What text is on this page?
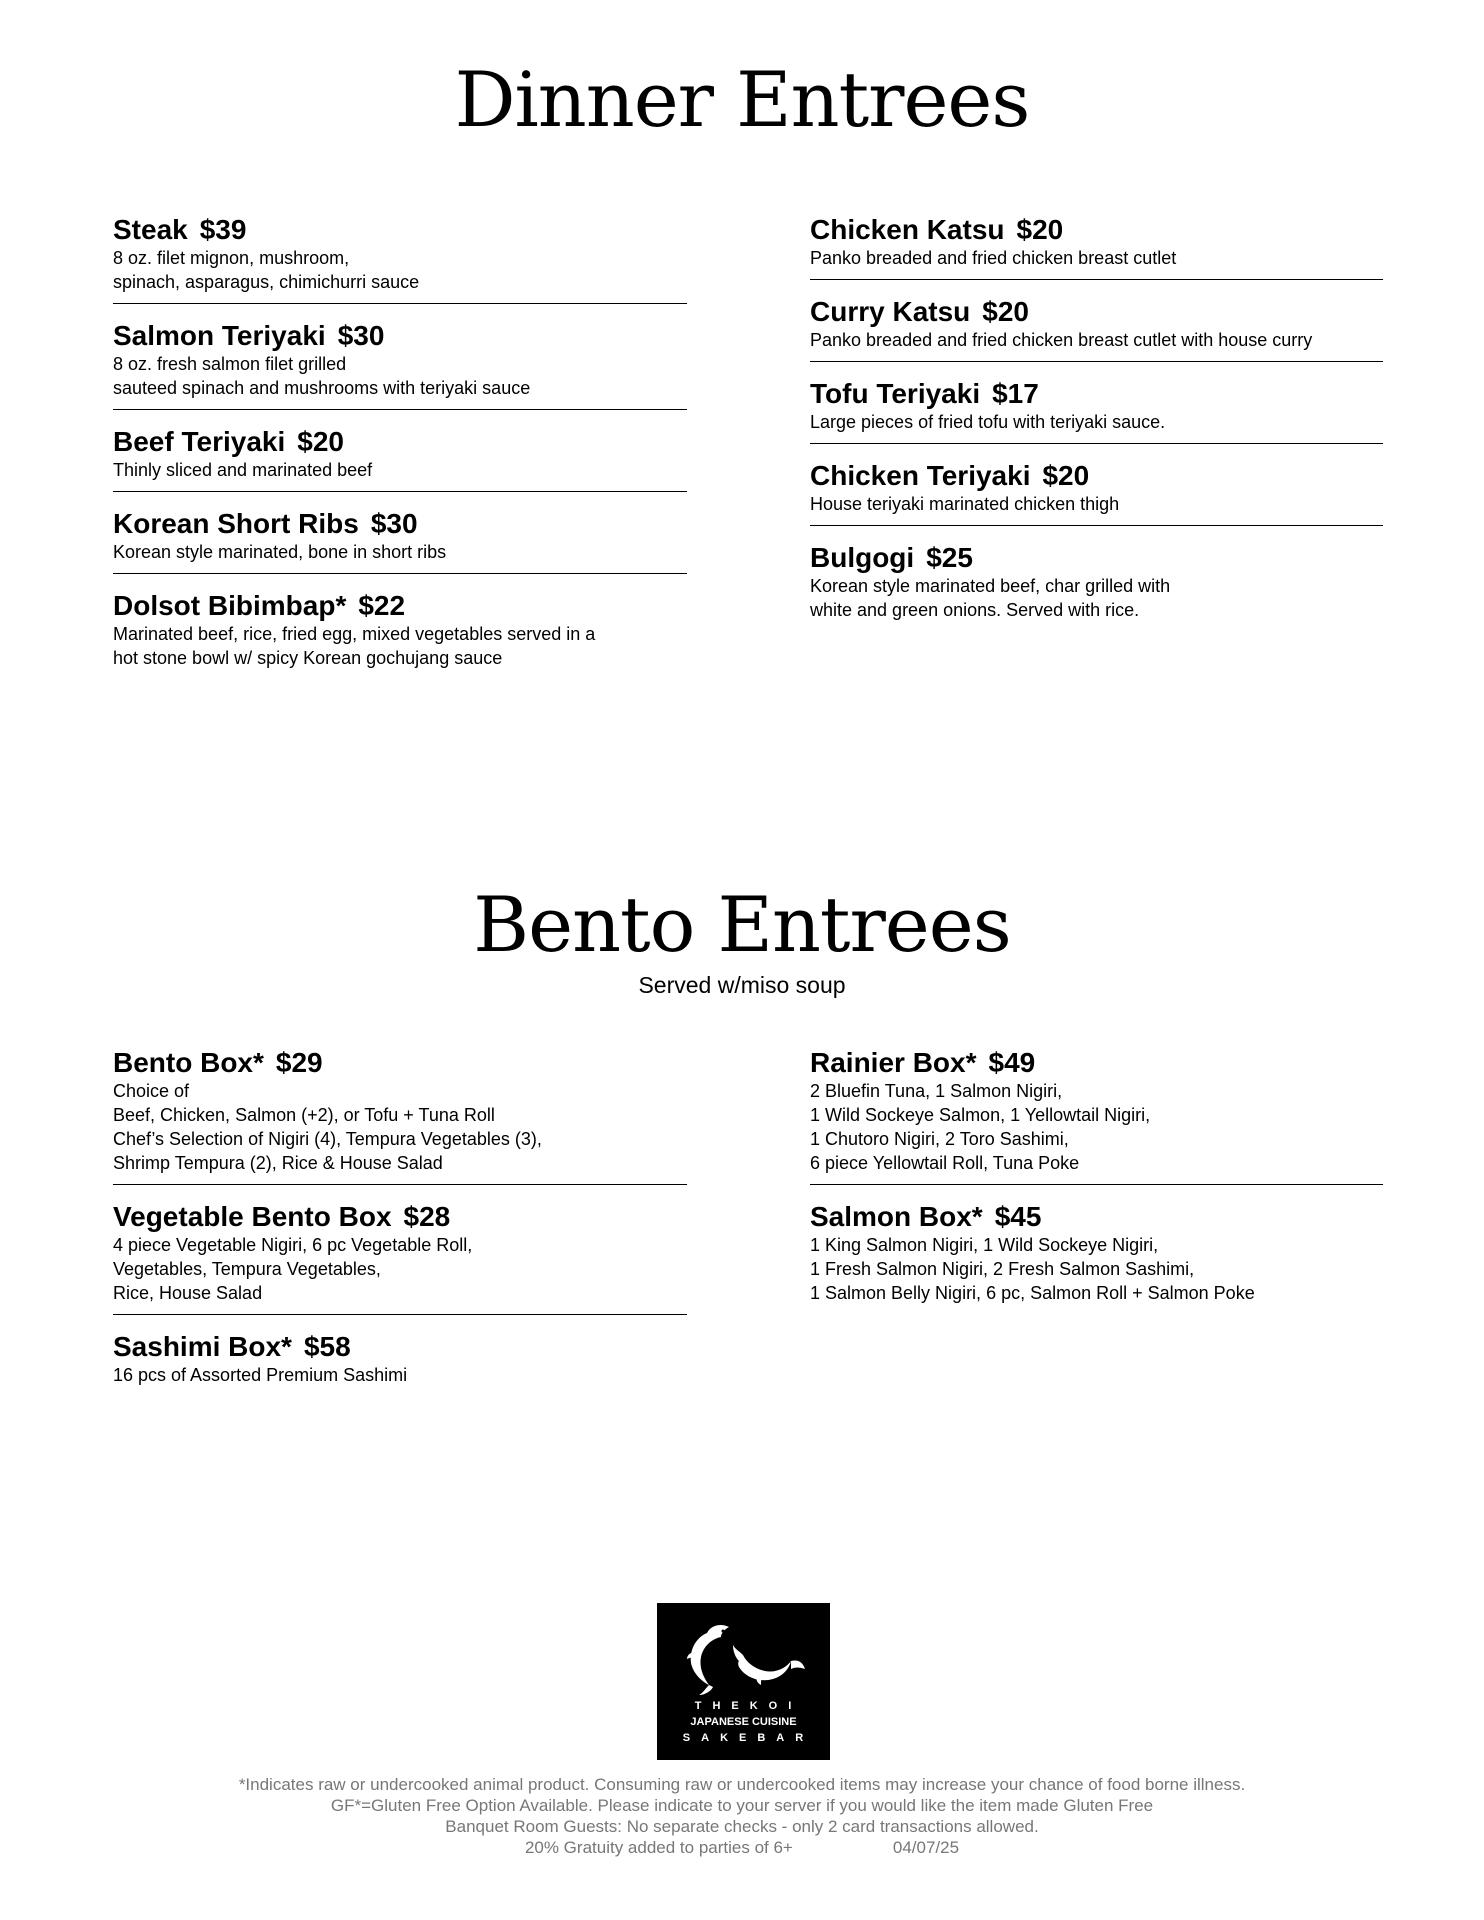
Dinner Entrees
Steak $39
8 oz. filet mignon, mushroom,
spinach, asparagus, chimichurri sauce
Salmon Teriyaki $30
8 oz. fresh salmon filet grilled
sauteed spinach and mushrooms with teriyaki sauce
Beef Teriyaki $20
Thinly sliced and marinated beef
Korean Short Ribs $30
Korean style marinated, bone in short ribs
Dolsot Bibimbap* $22
Marinated beef, rice, fried egg, mixed vegetables served in a
hot stone bowl w/ spicy Korean gochujang sauce
Chicken Katsu $20
Panko breaded and fried chicken breast cutlet
Curry Katsu $20
Panko breaded and fried chicken breast cutlet with house curry
Tofu Teriyaki $17
Large pieces of fried tofu with teriyaki sauce.
Chicken Teriyaki $20
House teriyaki marinated chicken thigh
Bulgogi $25
Korean style marinated beef, char grilled with
white and green onions. Served with rice.
Bento Entrees
Served w/miso soup
Bento Box* $29
Choice of
Beef, Chicken, Salmon (+2), or Tofu + Tuna Roll
Chef’s Selection of Nigiri (4), Tempura Vegetables (3),
Shrimp Tempura (2), Rice & House Salad
Vegetable Bento Box $28
4 piece Vegetable Nigiri, 6 pc Vegetable Roll,
Vegetables, Tempura Vegetables,
Rice, House Salad
Sashimi Box* $58
16 pcs of Assorted Premium Sashimi
Rainier Box* $49
2 Bluefin Tuna, 1 Salmon Nigiri,
1 Wild Sockeye Salmon, 1 Yellowtail Nigiri,
1 Chutoro Nigiri, 2 Toro Sashimi,
6 piece Yellowtail Roll, Tuna Poke
Salmon Box* $45
1 King Salmon Nigiri, 1 Wild Sockeye Nigiri,
1 Fresh Salmon Nigiri, 2 Fresh Salmon Sashimi,
1 Salmon Belly Nigiri, 6 pc, Salmon Roll + Salmon Poke
THEKOI
JAPANESE CUISINE
SAKEBAR
*Indicates raw or undercooked animal product. Consuming raw or undercooked items may increase your chance of food borne illness.
GF*=Gluten Free Option Available. Please indicate to your server if you would like the item made Gluten Free
Banquet Room Guests: No separate checks - only 2 card transactions allowed.
20% Gratuity added to parties of 6+	04/07/25
